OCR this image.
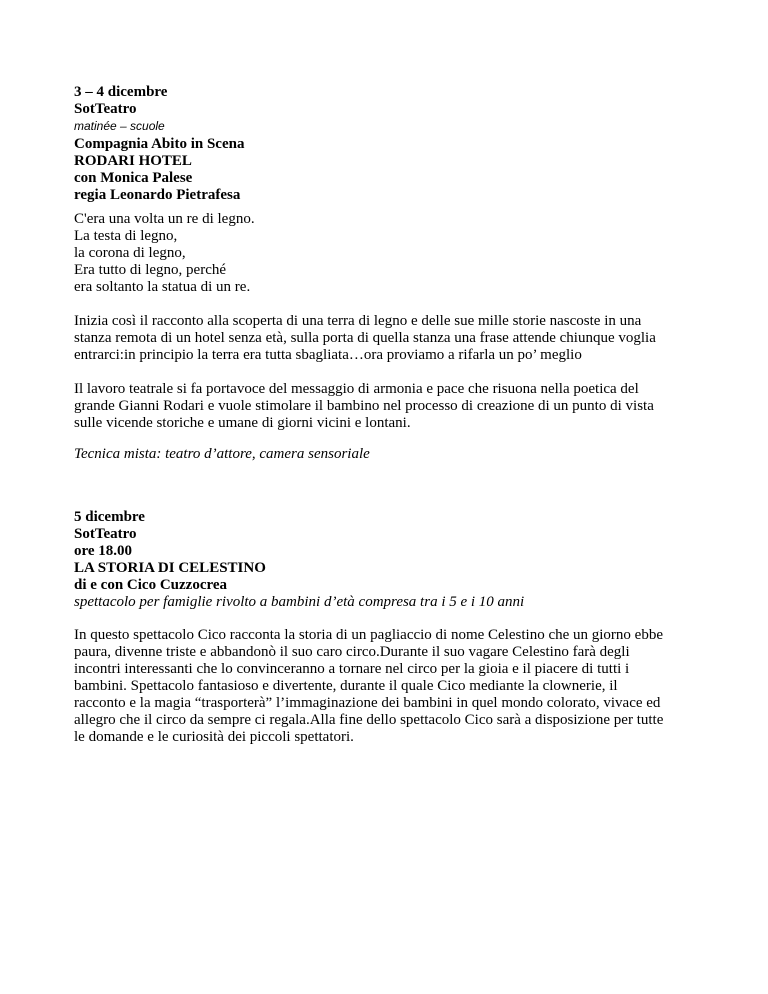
3 – 4 dicembre
SotTeatro
matinée – scuole
Compagnia Abito in Scena
RODARI HOTEL
con Monica Palese
regia Leonardo Pietrafesa
C'era una volta un re di legno.
La testa di legno,
la corona di legno,
Era tutto di legno, perché
era soltanto la statua di un re.
Inizia così il racconto alla scoperta di una terra di legno e delle sue mille storie nascoste in una
stanza remota di un hotel senza età, sulla porta di quella stanza una frase attende chiunque voglia
entrarci:in principio la terra era tutta sbagliata…ora proviamo a rifarla un po’ meglio
Il lavoro teatrale si fa portavoce del messaggio di armonia e pace che risuona nella poetica del
grande Gianni Rodari e vuole stimolare il bambino nel processo di creazione di un punto di vista
sulle vicende storiche e umane di giorni vicini e lontani.
Tecnica mista: teatro d’attore, camera sensoriale
5 dicembre
SotTeatro
ore 18.00
LA STORIA DI CELESTINO
di e con Cico Cuzzocrea
spettacolo per famiglie rivolto a bambini d’età compresa tra i 5 e i 10 anni
In questo spettacolo Cico racconta la storia di un pagliaccio di nome Celestino che un giorno ebbe
paura, divenne triste e abbandonò il suo caro circo.Durante il suo vagare Celestino farà degli
incontri interessanti che lo convinceranno a tornare nel circo per la gioia e il piacere di tutti i
bambini. Spettacolo fantasioso e divertente, durante il quale Cico mediante la clownerie, il
racconto e la magia “trasporterà” l’immaginazione dei bambini in quel mondo colorato, vivace ed
allegro che il circo da sempre ci regala.Alla fine dello spettacolo Cico sarà a disposizione per tutte
le domande e le curiosità dei piccoli spettatori.
